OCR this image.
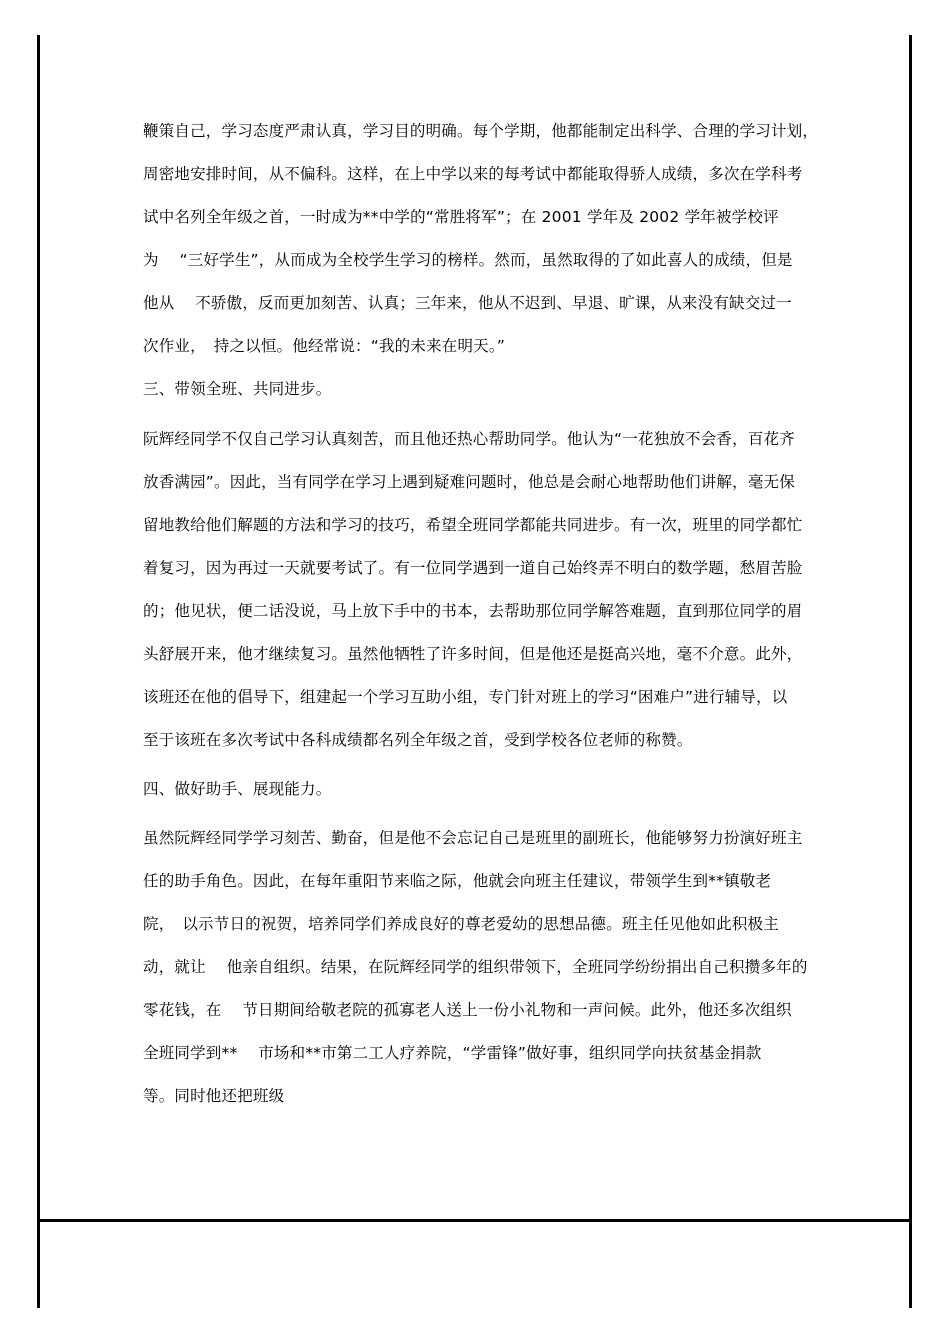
鞭策自己，学习态度严肃认真，学习目的明确。每个学期，他都能制定出科学、合理的学习计划，
周密地安排时间，从不偏科。这样，在上中学以来的每考试中都能取得骄人成绩，多次在学科考
试中名列全年级之首，一时成为**中学的“常胜将军”；在 2001 学年及 2002 学年被学校评
为　 “三好学生”，从而成为全校学生学习的榜样。然而，虽然取得的了如此喜人的成绩，但是
他从　 不骄傲，反而更加刻苦、认真；三年来，他从不迟到、早退、旷课，从来没有缺交过一
次作业，　持之以恒。他经常说：“我的未来在明天。”
三、带领全班、共同进步。
阮辉经同学不仅自己学习认真刻苦，而且他还热心帮助同学。他认为“一花独放不会香，百花齐
放香满园”。因此，当有同学在学习上遇到疑难问题时，他总是会耐心地帮助他们讲解，毫无保
留地教给他们解题的方法和学习的技巧，希望全班同学都能共同进步。有一次，班里的同学都忙
着复习，因为再过一天就要考试了。有一位同学遇到一道自己始终弄不明白的数学题，愁眉苦脸
的；他见状，便二话没说，马上放下手中的书本，去帮助那位同学解答难题，直到那位同学的眉
头舒展开来，他才继续复习。虽然他牺牲了许多时间，但是他还是挺高兴地，毫不介意。此外，
该班还在他的倡导下，组建起一个学习互助小组，专门针对班上的学习“困难户”进行辅导，以
至于该班在多次考试中各科成绩都名列全年级之首，受到学校各位老师的称赞。
四、做好助手、展现能力。
虽然阮辉经同学学习刻苦、勤奋，但是他不会忘记自己是班里的副班长，他能够努力扮演好班主
任的助手角色。因此，在每年重阳节来临之际，他就会向班主任建议，带领学生到**镇敬老
院，　以示节日的祝贺，培养同学们养成良好的尊老爱幼的思想品德。班主任见他如此积极主
动，就让　 他亲自组织。结果，在阮辉经同学的组织带领下，全班同学纷纷捐出自己积攒多年的
零花钱，在　 节日期间给敬老院的孤寡老人送上一份小礼物和一声问候。此外，他还多次组织
全班同学到**　 市场和**市第二工人疗养院，“学雷锋”做好事，组织同学向扶贫基金捐款
等。同时他还把班级
